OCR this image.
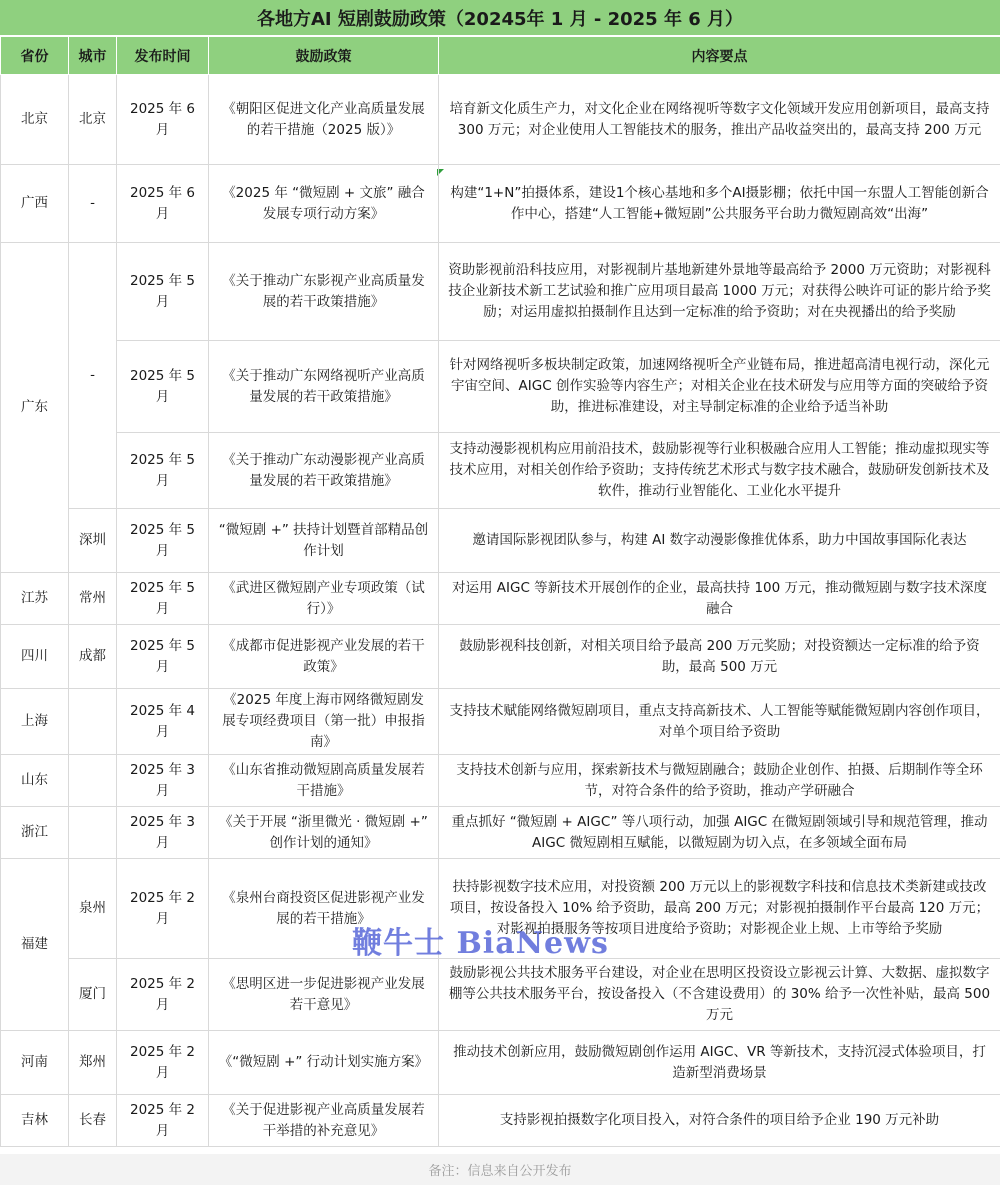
各地方AI 短剧鼓励政策（20245年 1 月 - 2025 年 6 月）
省份	城市	发布时间	鼓励政策	内容要点
北京	北京	2025 年 6 月	《朝阳区促进文化产业高质量发展的若干措施（2025 版）》	培育新文化质生产力，对文化企业在网络视听等数字文化领域开发应用创新项目，最高支持 300 万元；对企业使用人工智能技术的服务，推出产品收益突出的，最高支持 200 万元
广西	-	2025 年 6 月	《2025 年 “微短剧 + 文旅” 融合发展专项行动方案》	构建“1+N”拍摄体系，建设1个核心基地和多个AI摄影棚；依托中国一东盟人工智能创新合作中心，搭建“人工智能+微短剧”公共服务平台助力微短剧高效“出海”
广东	-	2025 年 5 月	《关于推动广东影视产业高质量发展的若干政策措施》	资助影视前沿科技应用，对影视制片基地新建外景地等最高给予 2000 万元资助；对影视科技企业新技术新工艺试验和推广应用项目最高 1000 万元；对获得公映许可证的影片给予奖励；对运用虚拟拍摄制作且达到一定标准的给予资助；对在央视播出的给予奖励
		2025 年 5 月	《关于推动广东网络视听产业高质量发展的若干政策措施》	针对网络视听多板块制定政策，加速网络视听全产业链布局，推进超高清电视行动，深化元宇宙空间、AIGC 创作实验等内容生产；对相关企业在技术研发与应用等方面的突破给予资助，推进标准建设，对主导制定标准的企业给予适当补助
		2025 年 5 月	《关于推动广东动漫影视产业高质量发展的若干政策措施》	支持动漫影视机构应用前沿技术，鼓励影视等行业积极融合应用人工智能；推动虚拟现实等技术应用，对相关创作给予资助；支持传统艺术形式与数字技术融合，鼓励研发创新技术及软件，推动行业智能化、工业化水平提升
	深圳	2025 年 5 月	“微短剧 +” 扶持计划暨首部精品创作计划	邀请国际影视团队参与，构建 AI 数字动漫影像推优体系，助力中国故事国际化表达
江苏	常州	2025 年 5 月	《武进区微短剧产业专项政策（试行）》	对运用 AIGC 等新技术开展创作的企业，最高扶持 100 万元，推动微短剧与数字技术深度融合
四川	成都	2025 年 5 月	《成都市促进影视产业发展的若干政策》	鼓励影视科技创新，对相关项目给予最高 200 万元奖励；对投资额达一定标准的给予资助，最高 500 万元
上海		2025 年 4 月	《2025 年度上海市网络微短剧发展专项经费项目（第一批）申报指南》	支持技术赋能网络微短剧项目，重点支持高新技术、人工智能等赋能微短剧内容创作项目，对单个项目给予资助
山东		2025 年 3 月	《山东省推动微短剧高质量发展若干措施》	支持技术创新与应用，探索新技术与微短剧融合；鼓励企业创作、拍摄、后期制作等全环节，对符合条件的给予资助，推动产学研融合
浙江		2025 年 3 月	《关于开展 “浙里微光 · 微短剧 +” 创作计划的通知》	重点抓好 “微短剧 + AIGC” 等八项行动，加强 AIGC 在微短剧领域引导和规范管理，推动 AIGC 微短剧相互赋能，以微短剧为切入点，在多领域全面布局
福建	泉州	2025 年 2 月	《泉州台商投资区促进影视产业发展的若干措施》	扶持影视数字技术应用，对投资额 200 万元以上的影视数字科技和信息技术类新建或技改项目，按设备投入 10% 给予资助，最高 200 万元；对影视拍摄制作平台最高 120 万元；对影视拍摄服务等按项目进度给予资助；对影视企业上规、上市等给予奖励
	厦门	2025 年 2 月	《思明区进一步促进影视产业发展若干意见》	鼓励影视公共技术服务平台建设，对企业在思明区投资设立影视云计算、大数据、虚拟数字棚等公共技术服务平台，按设备投入（不含建设费用）的 30% 给予一次性补贴，最高 500 万元
河南	郑州	2025 年 2 月	《“微短剧 +” 行动计划实施方案》	推动技术创新应用，鼓励微短剧创作运用 AIGC、VR 等新技术，支持沉浸式体验项目，打造新型消费场景
吉林	长春	2025 年 2 月	《关于促进影视产业高质量发展若干举措的补充意见》	支持影视拍摄数字化项目投入，对符合条件的项目给予企业 190 万元补助
鞭牛士 BiaNews
备注：信息来自公开发布
